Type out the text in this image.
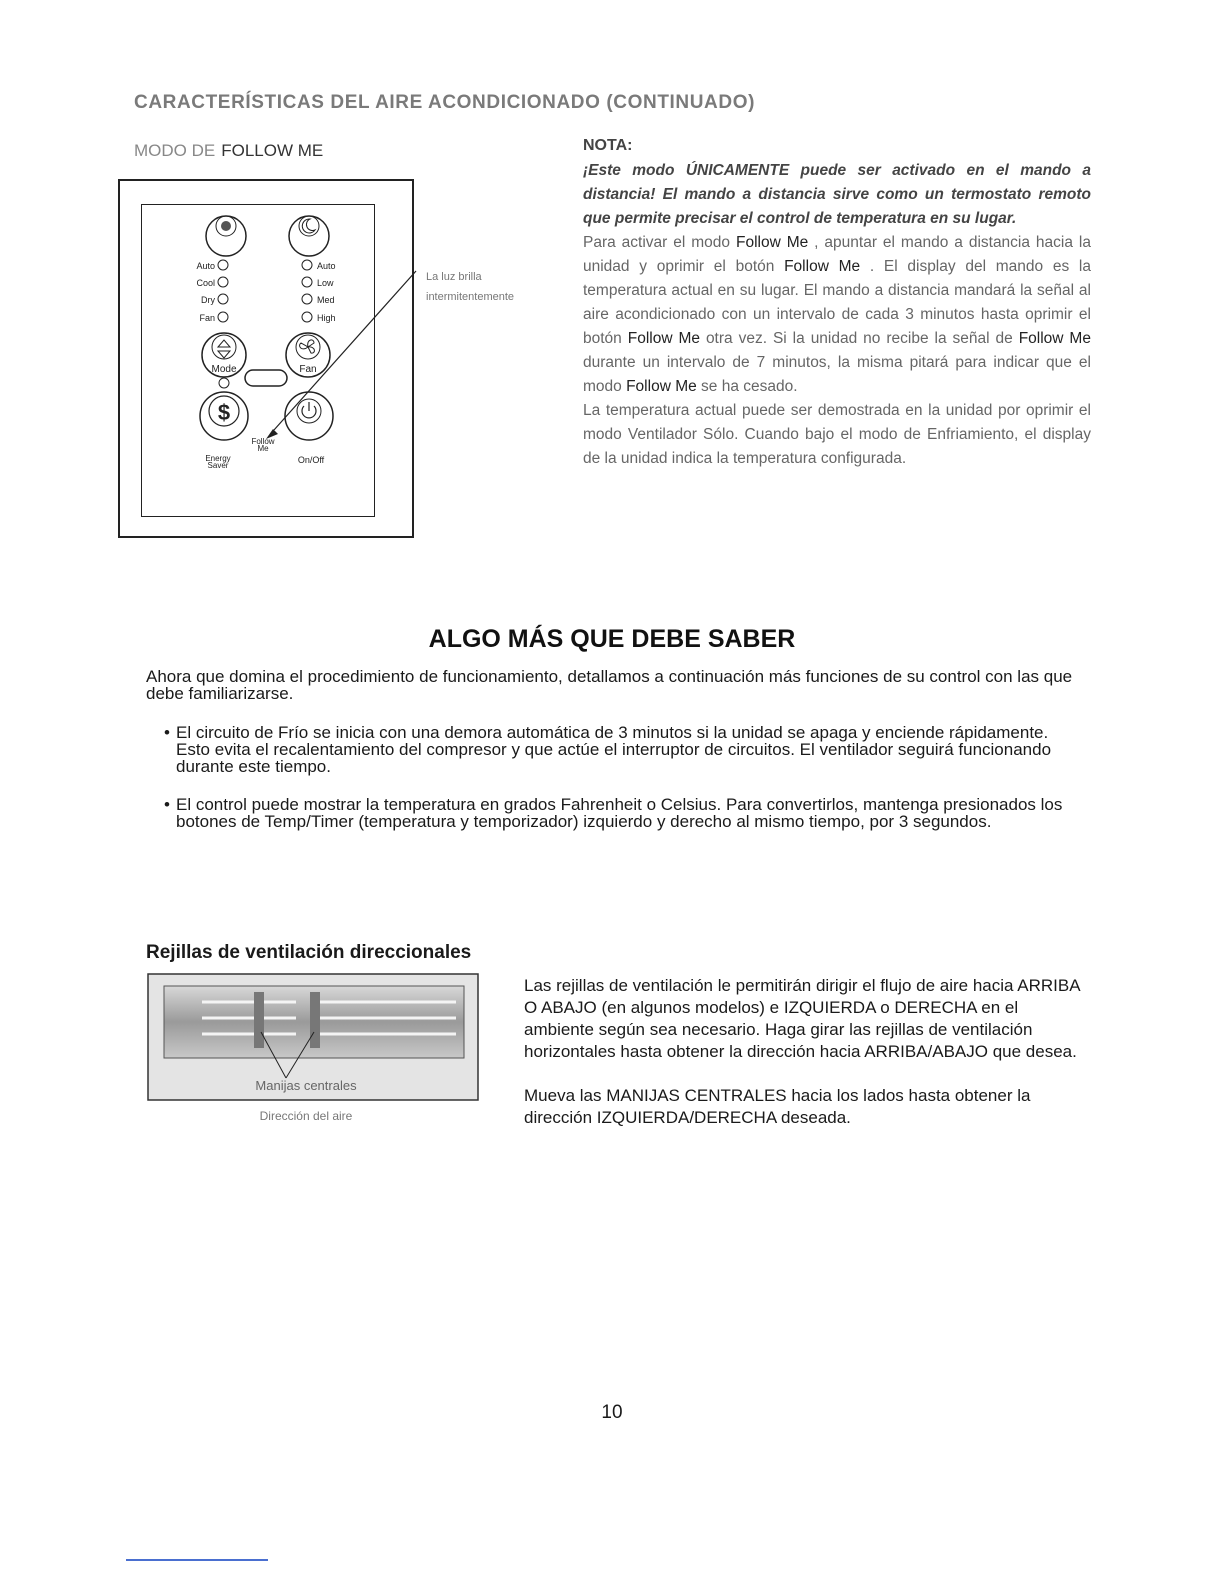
CARACTERÍSTICAS DEL AIRE ACONDICIONADO (CONTINUADO)
MODO DE FOLLOW ME
Auto
Cool
Dry
Fan
Auto
Low
Med
High
Mode	Fan
$
Energy
Saver
On/Off
Follow
Me
La luz brilla
intermitentemente
NOTA:
¡Este modo ÚNICAMENTE puede ser activado en el mando a distancia! El mando a distancia sirve como un termostato remoto que permite precisar el control de temperatura en su lugar.
Para activar el modo Follow Me , apuntar el mando a distancia hacia la unidad y oprimir el botón Follow Me . El display del mando es la temperatura actual en su lugar. El mando a distancia mandará la señal al aire acondicionado con un intervalo de cada 3 minutos hasta oprimir el botón Follow Me otra vez. Si la unidad no recibe la señal de Follow Me durante un intervalo de 7 minutos, la misma pitará para indicar que el modo Follow Me se ha cesado.
La temperatura actual puede ser demostrada en la unidad por oprimir el modo Ventilador Sólo. Cuando bajo el modo de Enfriamiento, el display de la unidad indica la temperatura configurada.
ALGO MÁS QUE DEBE SABER
Ahora que domina el procedimiento de funcionamiento, detallamos a continuación más funciones de su control con las que debe familiarizarse.
• El circuito de Frío se inicia con una demora automática de 3 minutos si la unidad se apaga y enciende rápidamente. Esto evita el recalentamiento del compresor y que actúe el interruptor de circuitos. El ventilador seguirá funcionando durante este tiempo.
• El control puede mostrar la temperatura en grados Fahrenheit o Celsius. Para convertirlos, mantenga presionados los botones de Temp/Timer (temperatura y temporizador) izquierdo y derecho al mismo tiempo, por 3 segundos.
Rejillas de ventilación direccionales
Manijas centrales
Dirección del aire

Las rejillas de ventilación le permitirán dirigir el flujo de aire hacia ARRIBA O ABAJO (en algunos modelos) e IZQUIERDA o DERECHA en el ambiente según sea necesario. Haga girar las rejillas de ventilación horizontales hasta obtener la dirección hacia ARRIBA/ABAJO que desea.

Mueva las MANIJAS CENTRALES hacia los lados hasta obtener la dirección IZQUIERDA/DERECHA deseada.

10
